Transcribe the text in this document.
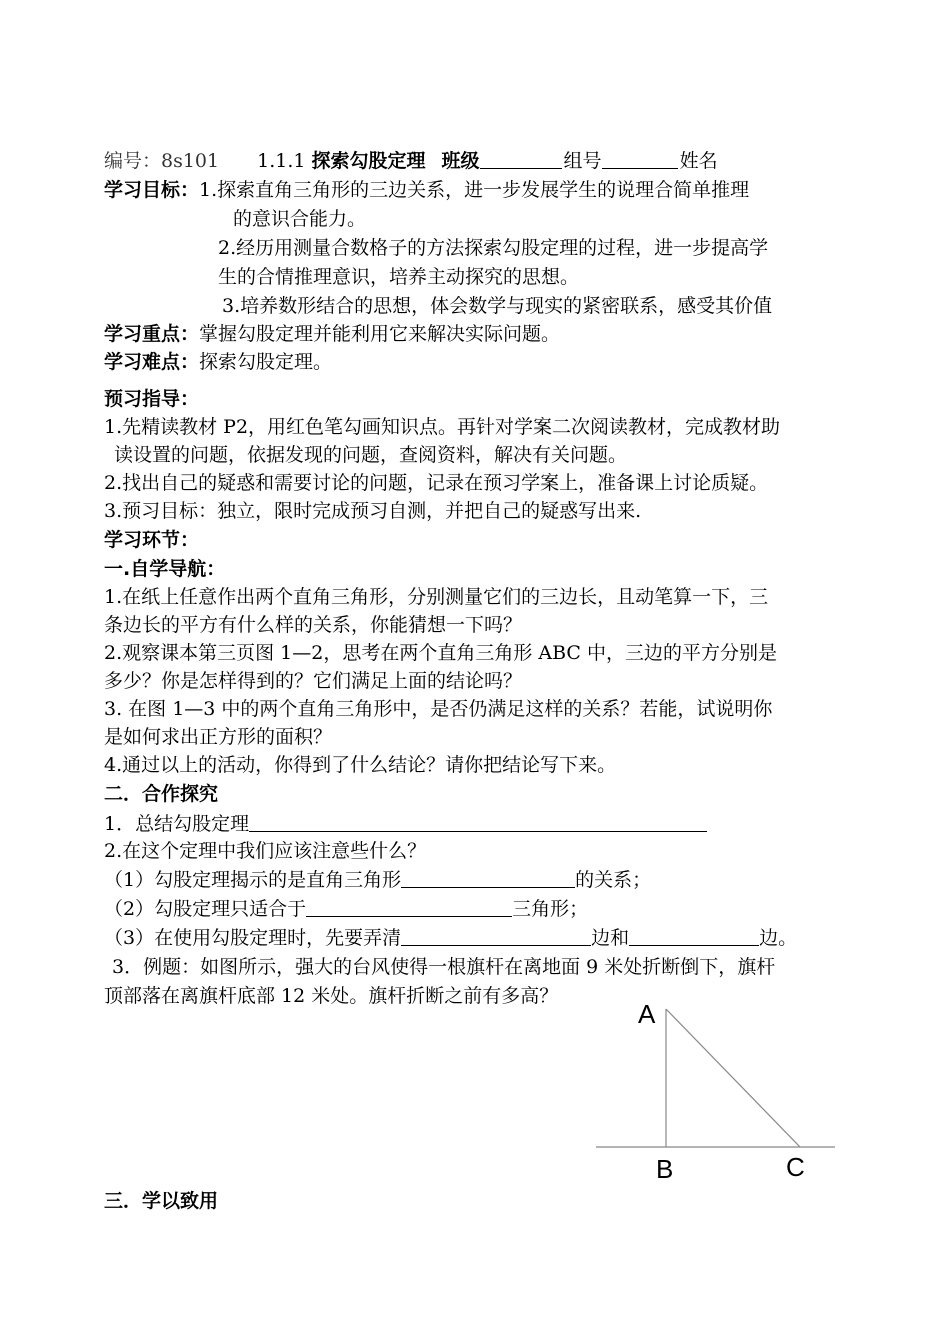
编号：8s101 1.1.1 探索勾股定理 班级	组号	姓名
学习目标：1.探索直角三角形的三边关系，进一步发展学生的说理合简单推理
的意识合能力。
2.经历用测量合数格子的方法探索勾股定理的过程，进一步提高学
生的合情推理意识，培养主动探究的思想。
3.培养数形结合的思想，体会数学与现实的紧密联系，感受其价值
学习重点：掌握勾股定理并能利用它来解决实际问题。
学习难点：探索勾股定理。
预习指导：
1.先精读教材 P2，用红色笔勾画知识点。再针对学案二次阅读教材，完成教材助
读设置的问题，依据发现的问题，查阅资料，解决有关问题。
2.找出自己的疑惑和需要讨论的问题，记录在预习学案上，准备课上讨论质疑。
3.预习目标：独立，限时完成预习自测，并把自己的疑惑写出来.
学习环节：
一.自学导航：
1.在纸上任意作出两个直角三角形，分别测量它们的三边长，且动笔算一下，三
条边长的平方有什么样的关系，你能猜想一下吗？
2.观察课本第三页图 1—2，思考在两个直角三角形 ABC 中，三边的平方分别是
多少？你是怎样得到的？它们满足上面的结论吗？
3. 在图 1—3 中的两个直角三角形中，是否仍满足这样的关系？若能，试说明你
是如何求出正方形的面积？
4.通过以上的活动，你得到了什么结论？请你把结论写下来。
二．合作探究
1．总结勾股定理
2.在这个定理中我们应该注意些什么？
（1）勾股定理揭示的是直角三角形	的关系；
（2）勾股定理只适合于	三角形；
（3）在使用勾股定理时，先要弄清	边和	边。
3．例题：如图所示，强大的台风使得一根旗杆在离地面 9 米处折断倒下，旗杆
顶部落在离旗杆底部 12 米处。旗杆折断之前有多高？
A
B	C
三．学以致用
